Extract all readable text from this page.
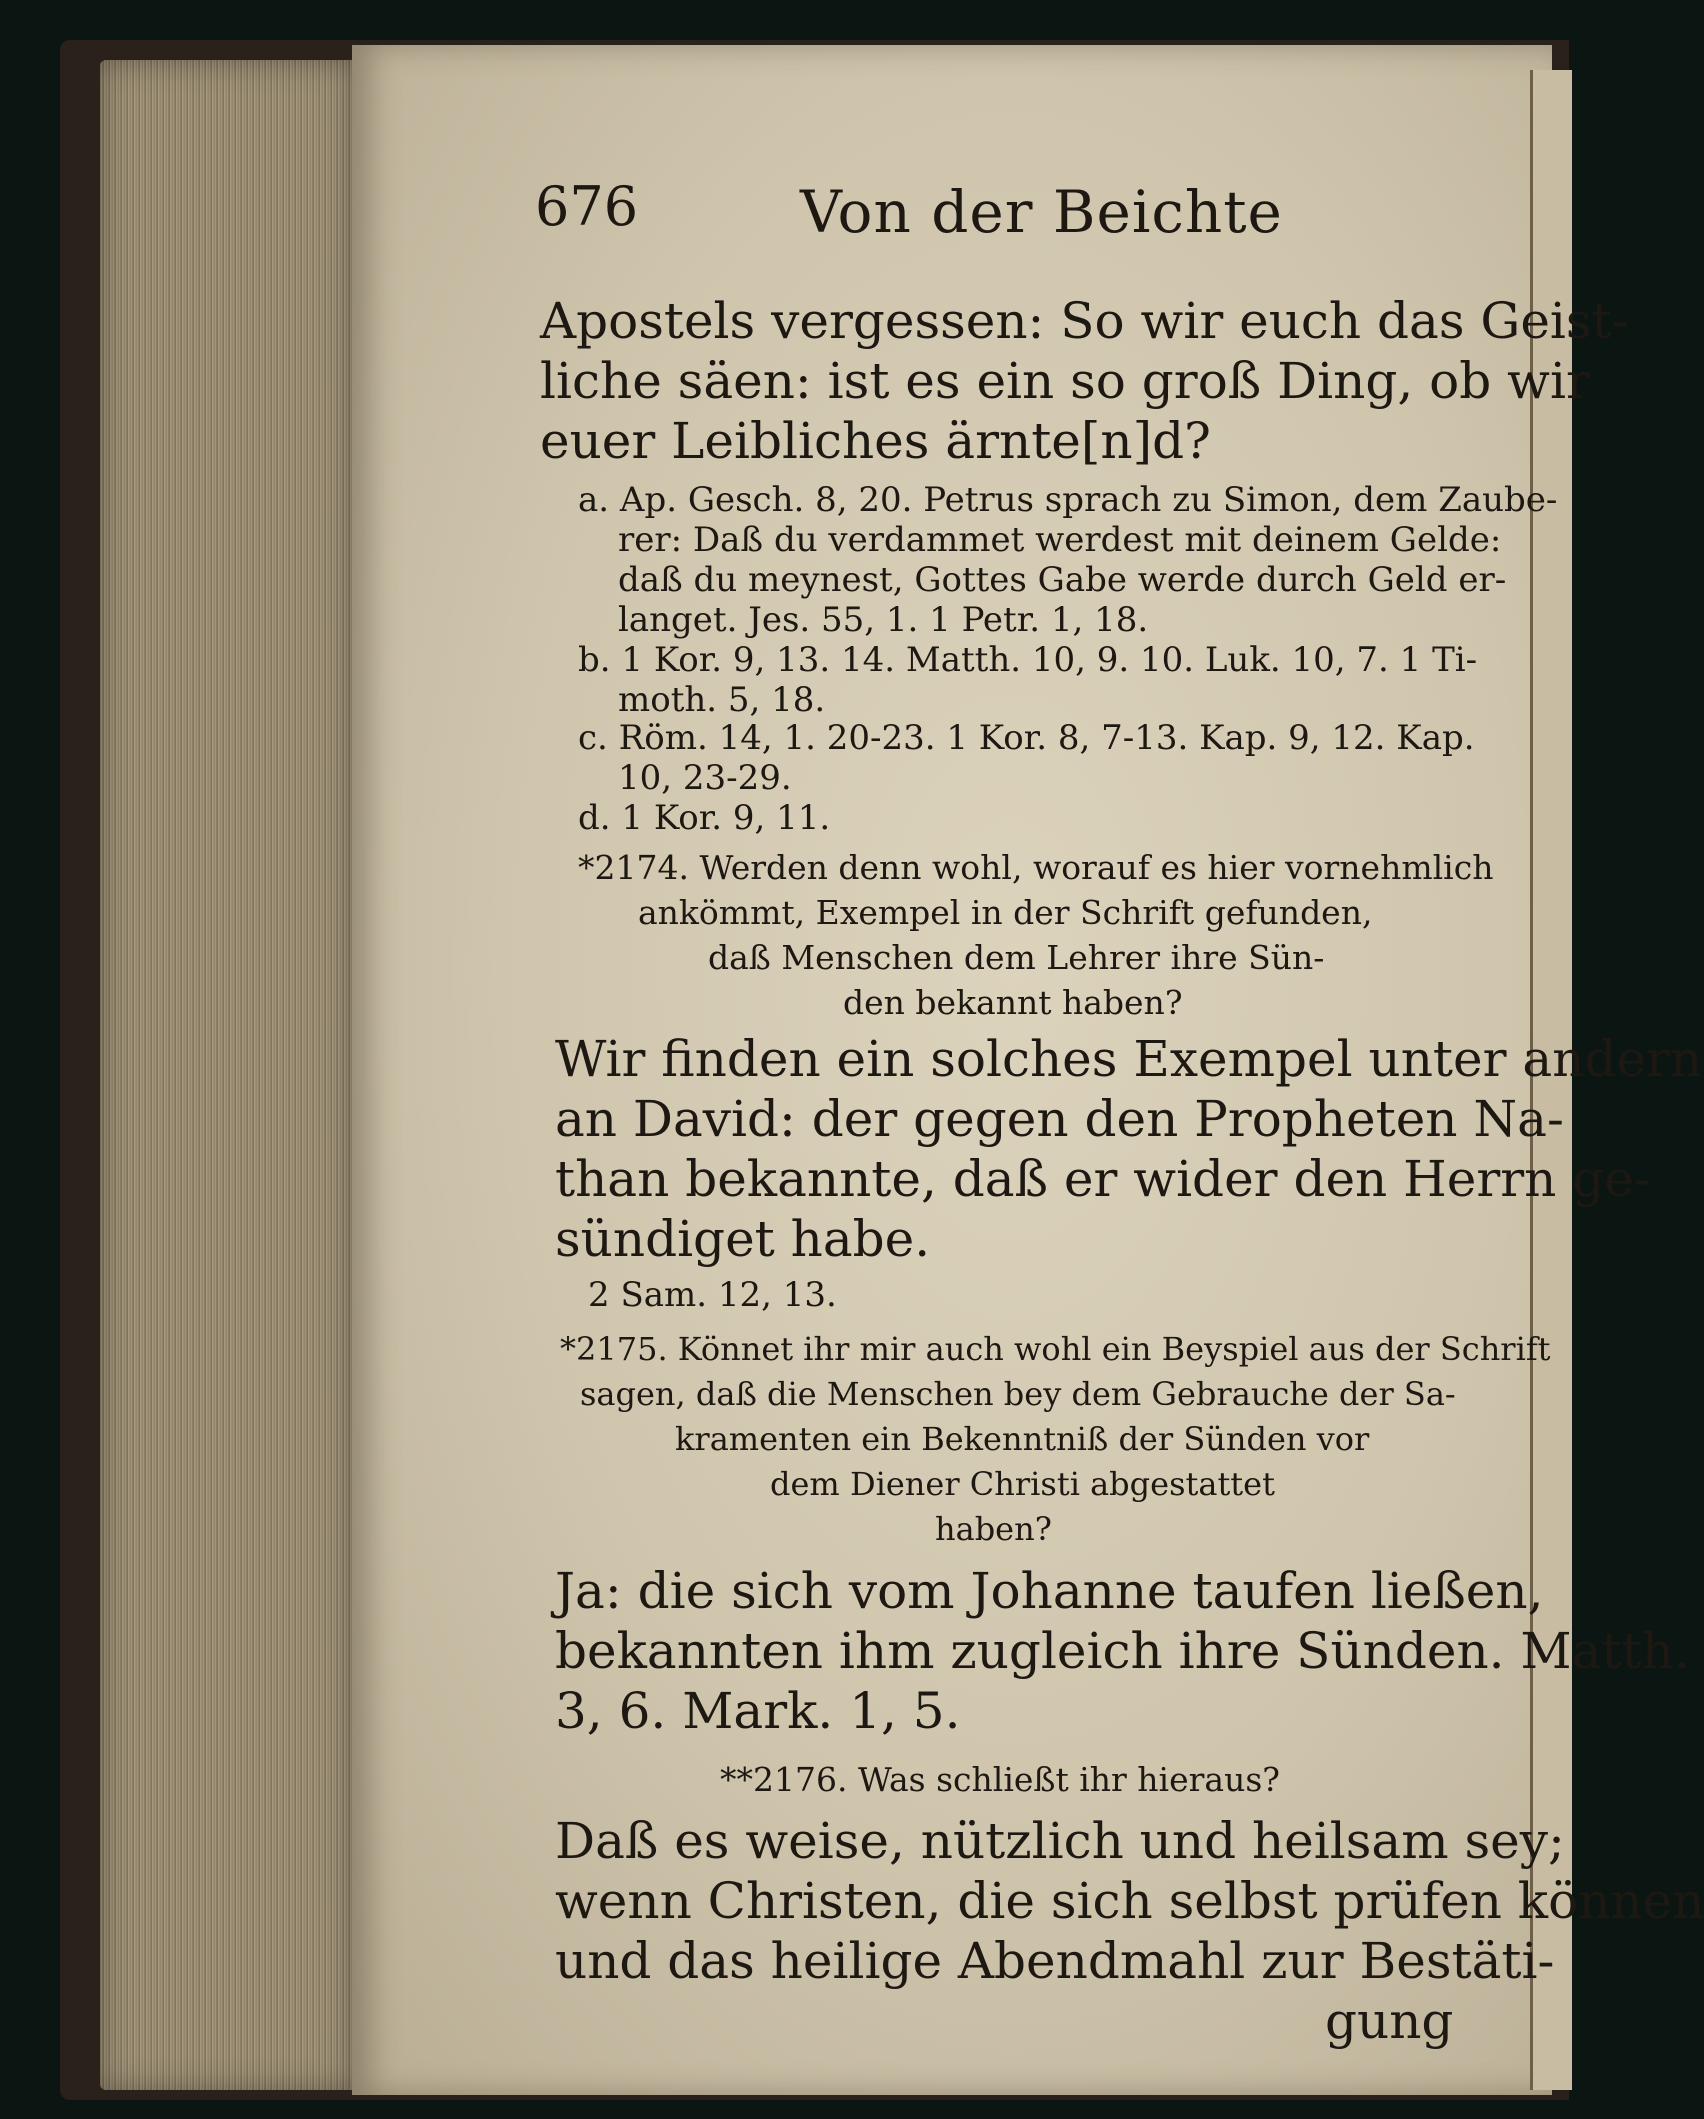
676	Von der Beichte
Apostels vergessen: So wir euch das Geist-
liche säen: ist es ein so groß Ding, ob wir
euer Leibliches ärnte[n]d?
a. Ap. Gesch. 8, 20. Petrus sprach zu Simon, dem Zaube-
rer: Daß du verdammet werdest mit deinem Gelde:
daß du meynest, Gottes Gabe werde durch Geld er-
langet. Jes. 55, 1. 1 Petr. 1, 18.
b. 1 Kor. 9, 13. 14. Matth. 10, 9. 10. Luk. 10, 7. 1 Ti-
moth. 5, 18.
c. Röm. 14, 1. 20-23. 1 Kor. 8, 7-13. Kap. 9, 12. Kap.
10, 23-29.
d. 1 Kor. 9, 11.
*2174. Werden denn wohl, worauf es hier vornehmlich
ankömmt, Exempel in der Schrift gefunden,
daß Menschen dem Lehrer ihre Sün-
den bekannt haben?
Wir finden ein solches Exempel unter andern
an David: der gegen den Propheten Na-
than bekannte, daß er wider den Herrn ge-
sündiget habe.
2 Sam. 12, 13.
*2175. Könnet ihr mir auch wohl ein Beyspiel aus der Schrift
sagen, daß die Menschen bey dem Gebrauche der Sa-
kramenten ein Bekenntniß der Sünden vor
dem Diener Christi abgestattet
haben?
Ja: die sich vom Johanne taufen ließen,
bekannten ihm zugleich ihre Sünden. Matth.
3, 6. Mark. 1, 5.
**2176. Was schließt ihr hieraus?
Daß es weise, nützlich und heilsam sey;
wenn Christen, die sich selbst prüfen können
und das heilige Abendmahl zur Bestäti-
gung
